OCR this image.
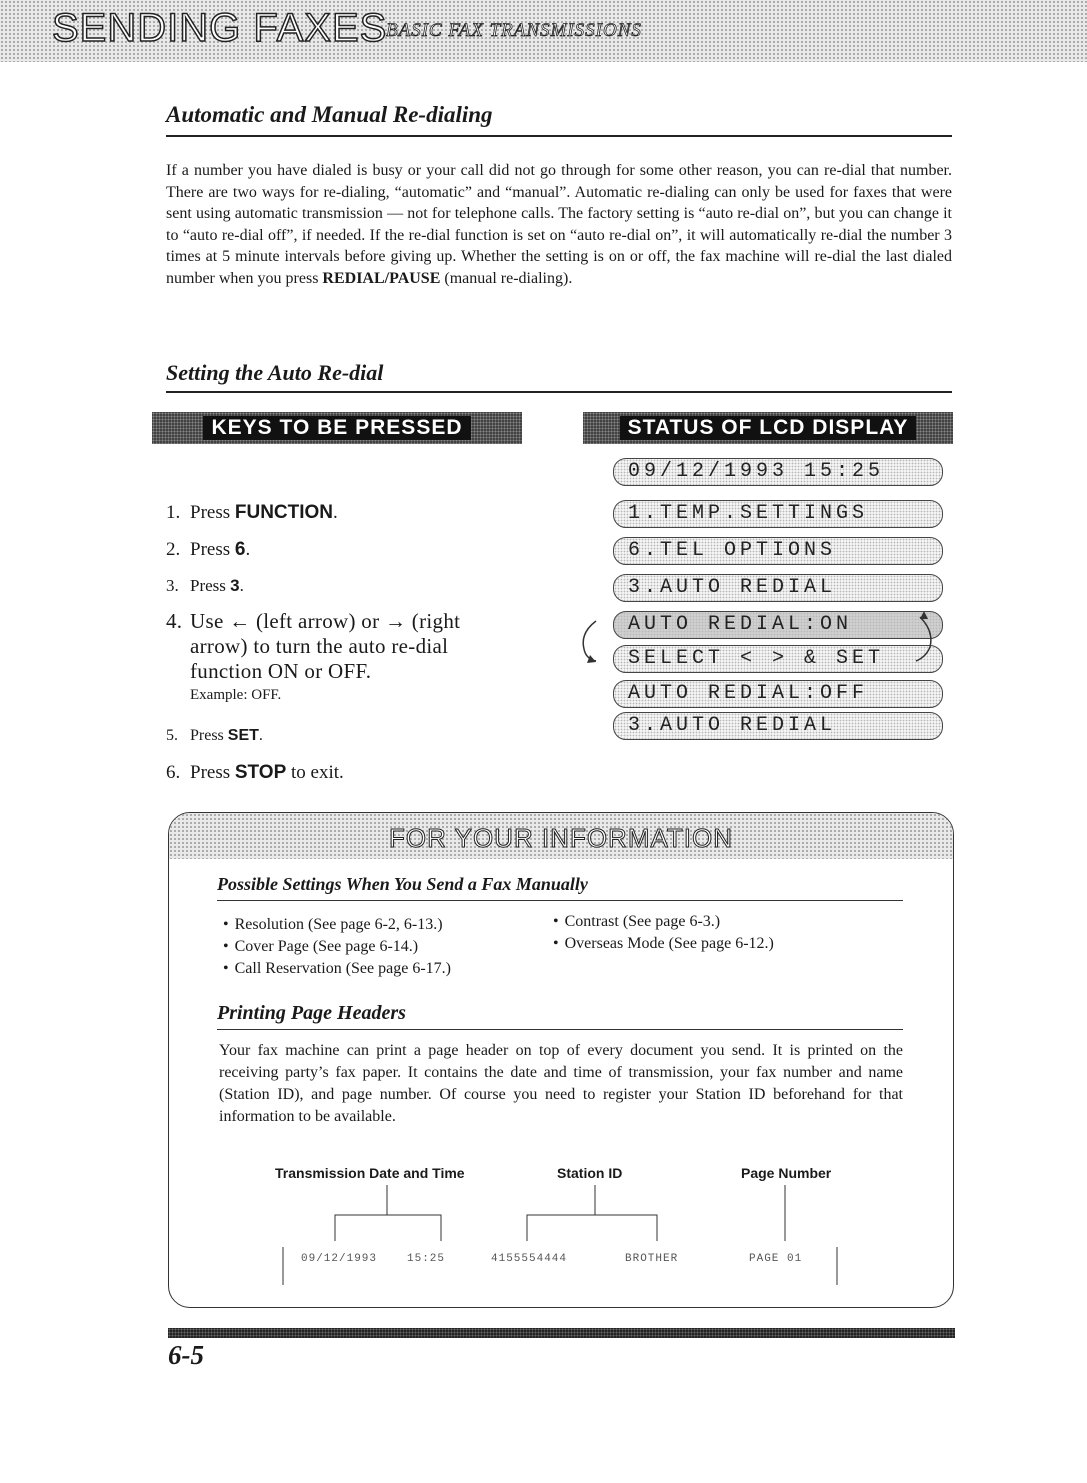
SENDING FAXES
BASIC FAX TRANSMISSIONS
Automatic and Manual Re-dialing

If a number you have dialed is busy or your call did not go through for some other reason, you can re-dial that number. There are two ways for re-dialing, “automatic” and “manual”. Automatic re-dialing can only be used for faxes that were sent using automatic transmission — not for telephone calls. The factory setting is “auto re-dial on”, but you can change it to “auto re-dial off”, if needed. If the re-dial function is set on “auto re-dial on”, it will automatically re-dial the number 3 times at 5 minute intervals before giving up. Whether the setting is on or off, the fax machine will re-dial the last dialed number when you press REDIAL/PAUSE (manual re-dialing).

Setting the Auto Re-dial
KEYS TO BE PRESSED	STATUS OF LCD DISPLAY
1. Press FUNCTION.
2. Press 6.
3. Press 3.
4. Use ← (left arrow) or → (right
arrow) to turn the auto re-dial
function ON or OFF.
Example: OFF.
5. Press SET.
6. Press STOP to exit.
09/12/1993 15:25
1.TEMP.SETTINGS
6.TEL OPTIONS
3.AUTO REDIAL
AUTO REDIAL:ON
SELECT < > & SET
AUTO REDIAL:OFF
3.AUTO REDIAL
FOR YOUR INFORMATION
Possible Settings When You Send a Fax Manually
• Resolution (See page 6-2, 6-13.)
• Cover Page (See page 6-14.)
• Call Reservation (See page 6-17.)
• Contrast (See page 6-3.)
• Overseas Mode (See page 6-12.)
Printing Page Headers

Your fax machine can print a page header on top of every document you send. It is printed on the receiving party’s fax paper. It contains the date and time of transmission, your fax number and name (Station ID), and page number. Of course you need to register your Station ID beforehand for that information to be available.

Transmission Date and Time	Station ID	Page Number
09/12/1993	15:25	4155554444	BROTHER	PAGE 01
6-5
